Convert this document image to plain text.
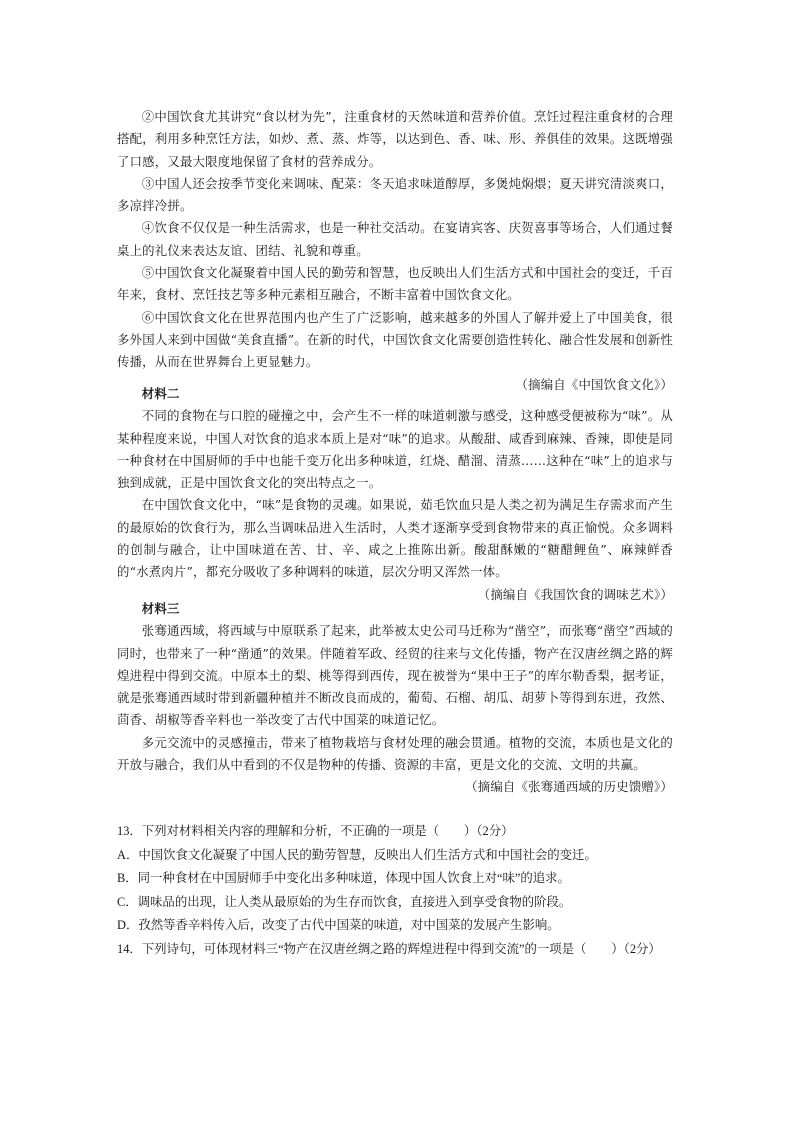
②中国饮食尤其讲究“食以材为先”，注重食材的天然味道和营养价值。烹饪过程注重食材的合理搭配，利用多种烹饪方法，如炒、煮、蒸、炸等，以达到色、香、味、形、养俱佳的效果。这既增强了口感，又最大限度地保留了食材的营养成分。

③中国人还会按季节变化来调味、配菜：冬天追求味道醇厚，多煲炖焖煨；夏天讲究清淡爽口，多凉拌冷拼。

④饮食不仅仅是一种生活需求，也是一种社交活动。在宴请宾客、庆贺喜事等场合，人们通过餐桌上的礼仪来表达友谊、团结、礼貌和尊重。

⑤中国饮食文化凝聚着中国人民的勤劳和智慧，也反映出人们生活方式和中国社会的变迁，千百年来，食材、烹饪技艺等多种元素相互融合，不断丰富着中国饮食文化。

⑥中国饮食文化在世界范围内也产生了广泛影响，越来越多的外国人了解并爱上了中国美食，很多外国人来到中国做“美食直播”。在新的时代，中国饮食文化需要创造性转化、融合性发展和创新性传播，从而在世界舞台上更显魅力。

（摘编自《中国饮食文化》）

材料二

不同的食物在与口腔的碰撞之中，会产生不一样的味道刺激与感受，这种感受便被称为“味”。从某种程度来说，中国人对饮食的追求本质上是对“味”的追求。从酸甜、咸香到麻辣、香辣，即使是同一种食材在中国厨师的手中也能千变万化出多种味道，红烧、醋溜、清蒸……这种在“味”上的追求与独到成就，正是中国饮食文化的突出特点之一。

在中国饮食文化中，“味”是食物的灵魂。如果说，茹毛饮血只是人类之初为满足生存需求而产生的最原始的饮食行为，那么当调味品进入生活时，人类才逐渐享受到食物带来的真正愉悦。众多调料的创制与融合，让中国味道在苦、甘、辛、咸之上推陈出新。酸甜酥嫩的“糖醋鲤鱼”、麻辣鲜香的“水煮肉片”，都充分吸收了多种调料的味道，层次分明又浑然一体。

（摘编自《我国饮食的调味艺术》）

材料三

张骞通西域，将西域与中原联系了起来，此举被太史公司马迁称为“凿空”，而张骞“凿空”西域的同时，也带来了一种“凿通”的效果。伴随着军政、经贸的往来与文化传播，物产在汉唐丝绸之路的辉煌进程中得到交流。中原本土的梨、桃等得到西传，现在被誉为“果中王子”的库尔勒香梨，据考证，就是张骞通西域时带到新疆种植并不断改良而成的，葡萄、石榴、胡瓜、胡萝卜等得到东进，孜然、茴香、胡椒等香辛料也一举改变了古代中国菜的味道记忆。

多元交流中的灵感撞击，带来了植物栽培与食材处理的融会贯通。植物的交流，本质也是文化的开放与融合，我们从中看到的不仅是物种的传播、资源的丰富，更是文化的交流、文明的共赢。

（摘编自《张骞通西域的历史馈赠》）

13．下列对材料相关内容的理解和分析，不正确的一项是（　　）（2分）

A．中国饮食文化凝聚了中国人民的勤劳智慧，反映出人们生活方式和中国社会的变迁。

B．同一种食材在中国厨师手中变化出多种味道，体现中国人饮食上对“味”的追求。

C．调味品的出现，让人类从最原始的为生存而饮食，直接进入到享受食物的阶段。

D．孜然等香辛料传入后，改变了古代中国菜的味道，对中国菜的发展产生影响。

14．下列诗句，可体现材料三“物产在汉唐丝绸之路的辉煌进程中得到交流”的一项是（　　）（2分）
